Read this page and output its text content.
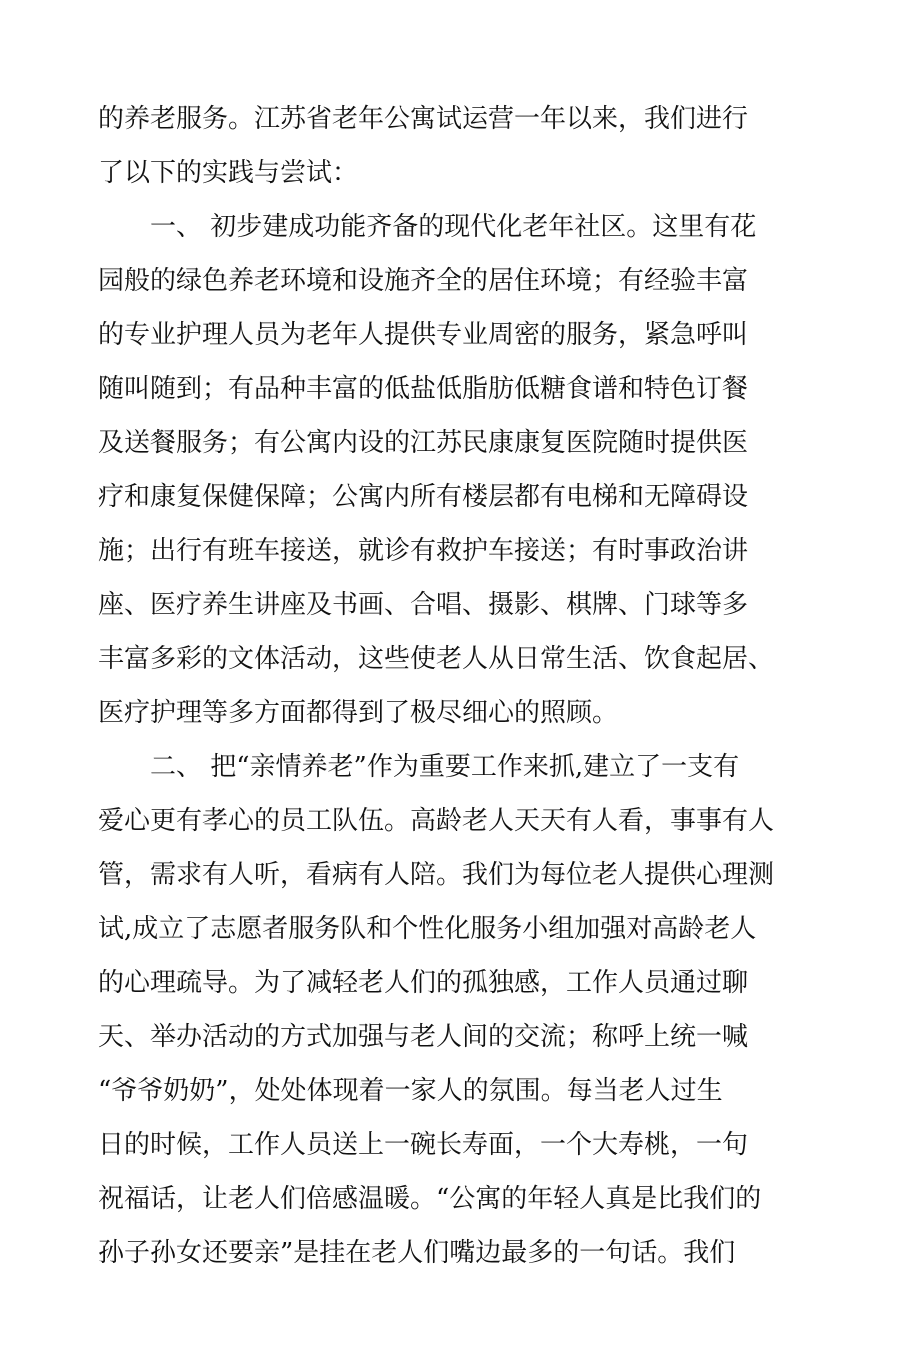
的养老服务。江苏省老年公寓试运营一年以来，我们进行
了以下的实践与尝试：
　　一、 初步建成功能齐备的现代化老年社区。这里有花
园般的绿色养老环境和设施齐全的居住环境；有经验丰富
的专业护理人员为老年人提供专业周密的服务，紧急呼叫
随叫随到；有品种丰富的低盐低脂肪低糖食谱和特色订餐
及送餐服务；有公寓内设的江苏民康康复医院随时提供医
疗和康复保健保障；公寓内所有楼层都有电梯和无障碍设
施；出行有班车接送，就诊有救护车接送；有时事政治讲
座、医疗养生讲座及书画、合唱、摄影、棋牌、门球等多
丰富多彩的文体活动，这些使老人从日常生活、饮食起居、
医疗护理等多方面都得到了极尽细心的照顾。
　　二、 把“亲情养老”作为重要工作来抓,建立了一支有
爱心更有孝心的员工队伍。高龄老人天天有人看，事事有人
管，需求有人听，看病有人陪。我们为每位老人提供心理测
试,成立了志愿者服务队和个性化服务小组加强对高龄老人
的心理疏导。为了减轻老人们的孤独感，工作人员通过聊
天、举办活动的方式加强与老人间的交流；称呼上统一喊
“爷爷奶奶”，处处体现着一家人的氛围。每当老人过生
日的时候，工作人员送上一碗长寿面，一个大寿桃，一句
祝福话，让老人们倍感温暖。“公寓的年轻人真是比我们的
孙子孙女还要亲”是挂在老人们嘴边最多的一句话。我们
